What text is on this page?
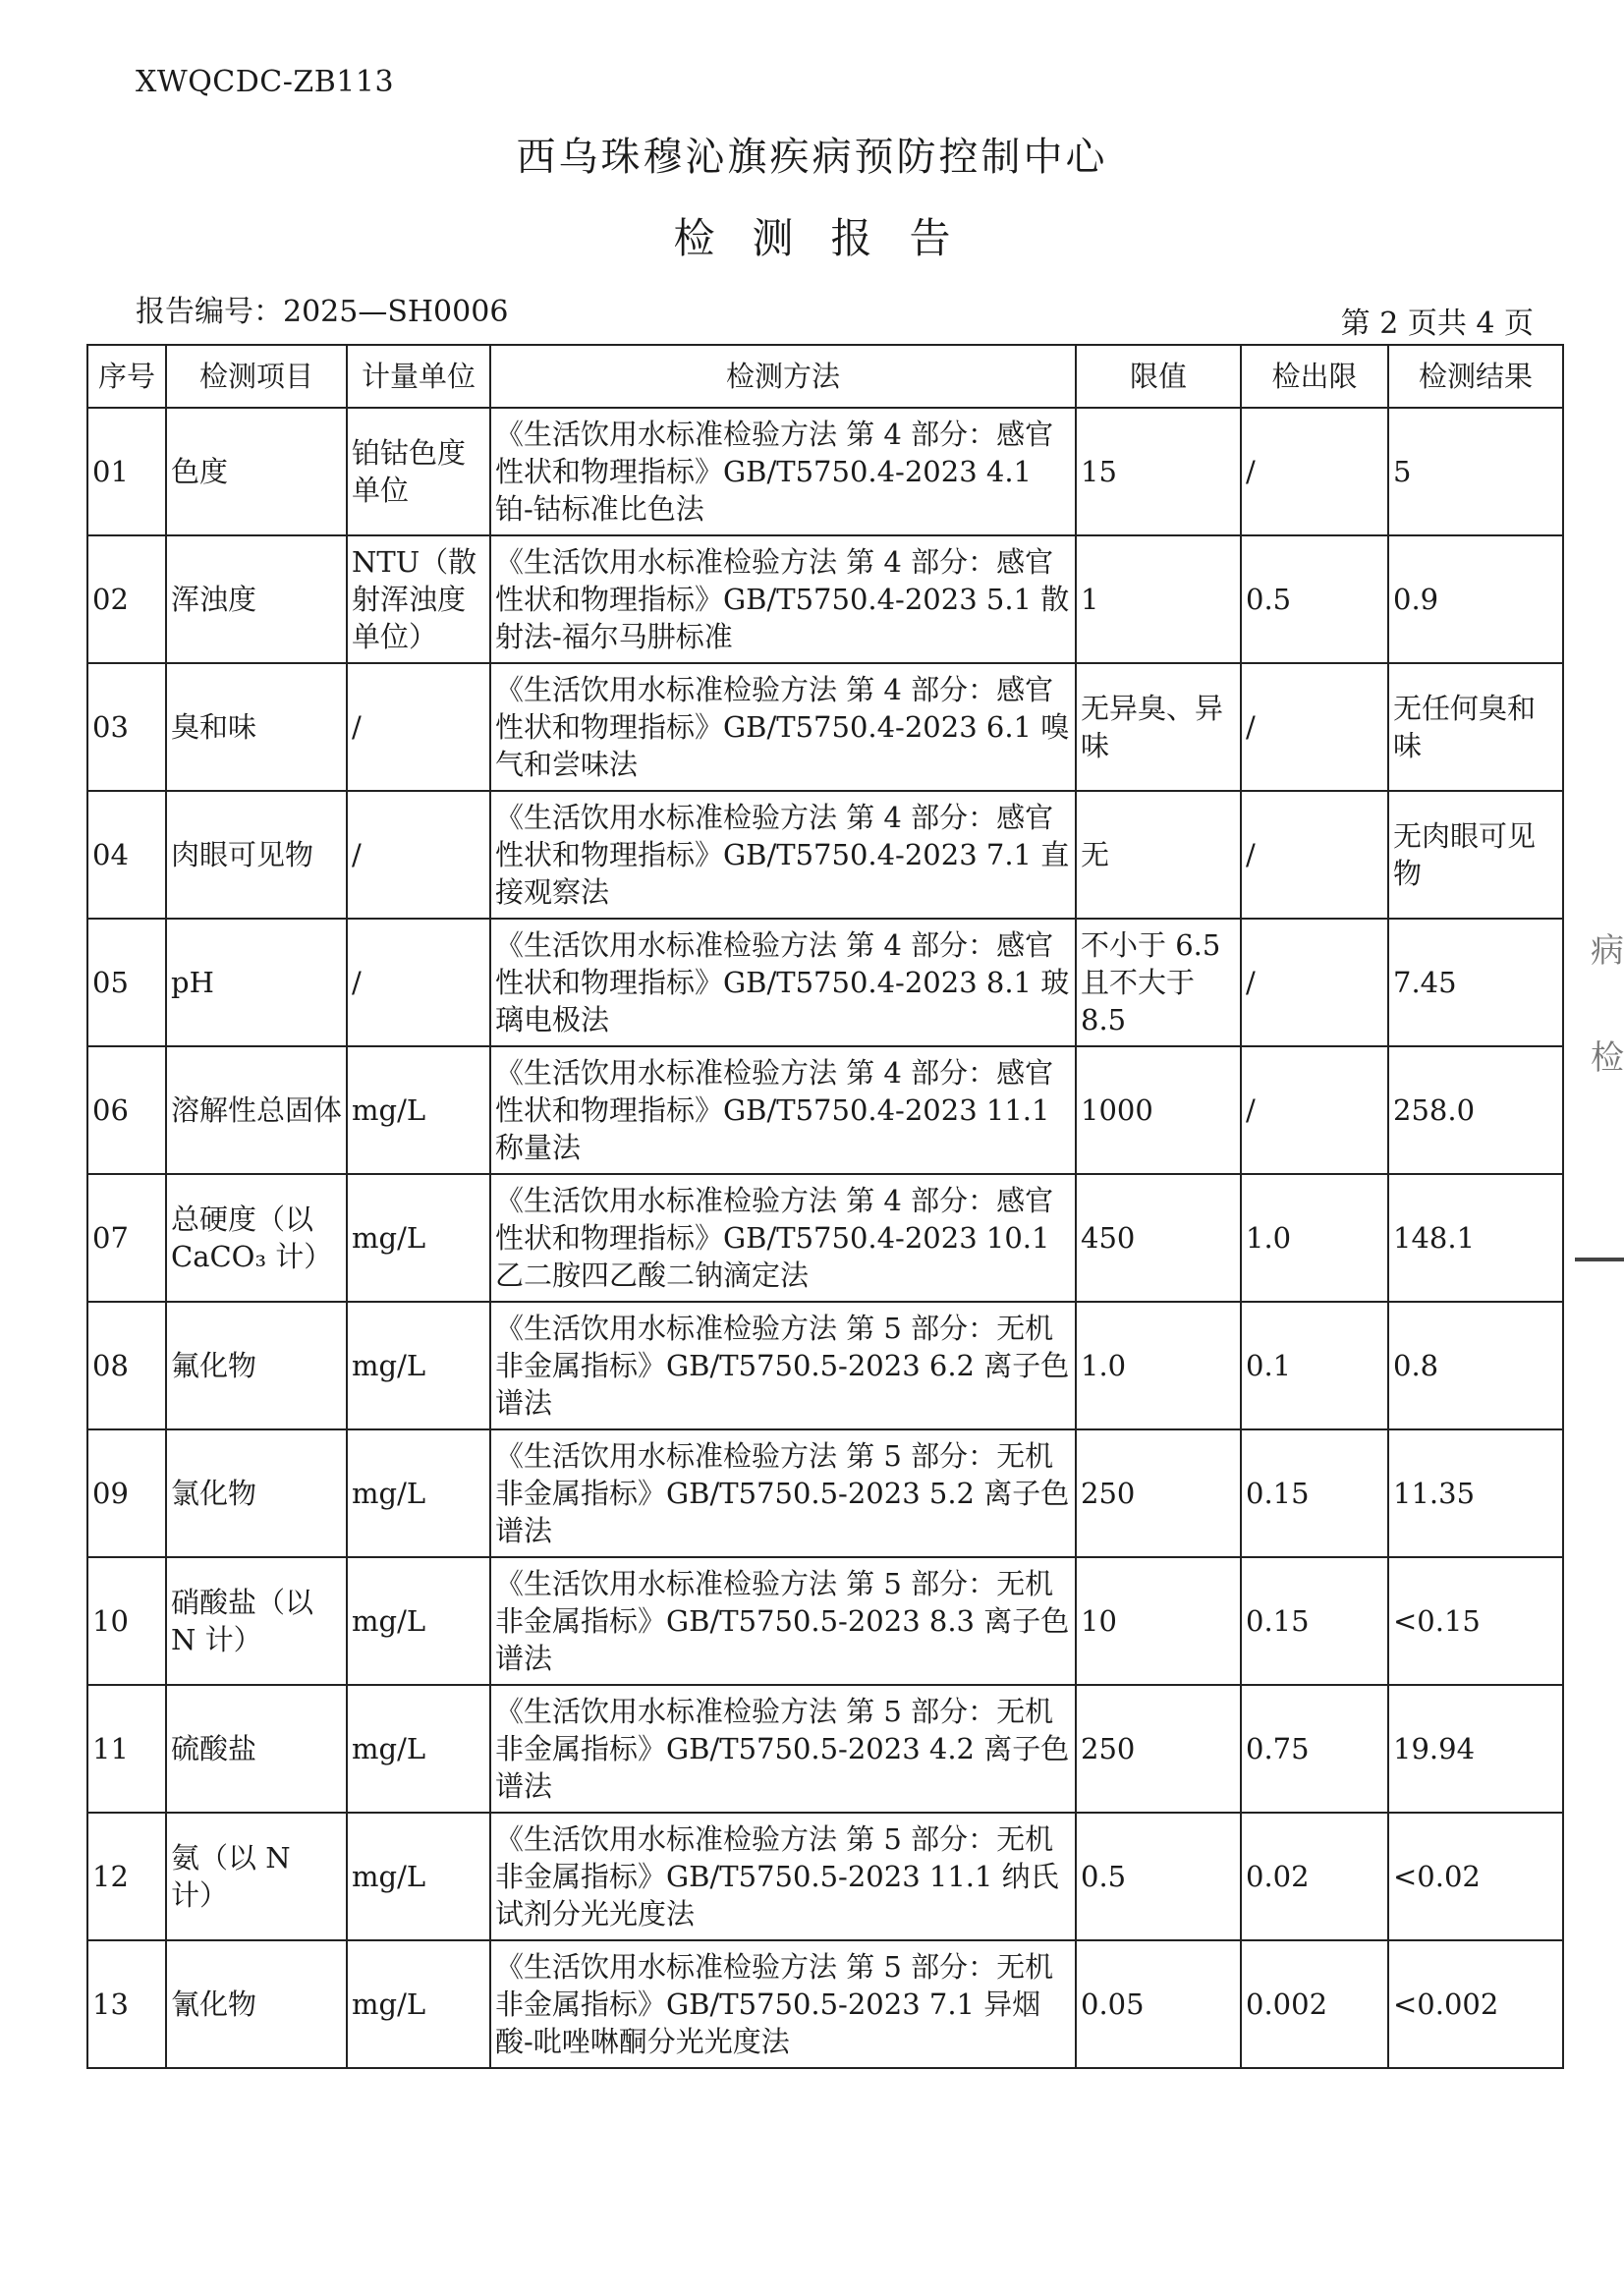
XWQCDC-ZB113
西乌珠穆沁旗疾病预防控制中心
检测报告
报告编号：2025—SH0006	第 2 页共 4 页
序号	检测项目	计量单位	检测方法	限值	检出限	检测结果
01	色度	铂钴色度单位	《生活饮用水标准检验方法 第 4 部分：感官性状和物理指标》GB/T5750.4-2023 4.1 铂-钴标准比色法	15	/	5
02	浑浊度	NTU（散射浑浊度单位）	《生活饮用水标准检验方法 第 4 部分：感官性状和物理指标》GB/T5750.4-2023 5.1 散射法-福尔马肼标准	1	0.5	0.9
03	臭和味	/	《生活饮用水标准检验方法 第 4 部分：感官性状和物理指标》GB/T5750.4-2023 6.1 嗅气和尝味法	无异臭、异味	/	无任何臭和味
04	肉眼可见物	/	《生活饮用水标准检验方法 第 4 部分：感官性状和物理指标》GB/T5750.4-2023 7.1 直接观察法	无	/	无肉眼可见物
05	pH	/	《生活饮用水标准检验方法 第 4 部分：感官性状和物理指标》GB/T5750.4-2023 8.1 玻璃电极法	不小于 6.5 且不大于 8.5	/	7.45
06	溶解性总固体	mg/L	《生活饮用水标准检验方法 第 4 部分：感官性状和物理指标》GB/T5750.4-2023 11.1 称量法	1000	/	258.0
07	总硬度（以 CaCO₃ 计）	mg/L	《生活饮用水标准检验方法 第 4 部分：感官性状和物理指标》GB/T5750.4-2023 10.1 乙二胺四乙酸二钠滴定法	450	1.0	148.1
08	氟化物	mg/L	《生活饮用水标准检验方法 第 5 部分：无机非金属指标》GB/T5750.5-2023 6.2 离子色谱法	1.0	0.1	0.8
09	氯化物	mg/L	《生活饮用水标准检验方法 第 5 部分：无机非金属指标》GB/T5750.5-2023 5.2 离子色谱法	250	0.15	11.35
10	硝酸盐（以 N 计）	mg/L	《生活饮用水标准检验方法 第 5 部分：无机非金属指标》GB/T5750.5-2023 8.3 离子色谱法	10	0.15	<0.15
11	硫酸盐	mg/L	《生活饮用水标准检验方法 第 5 部分：无机非金属指标》GB/T5750.5-2023 4.2 离子色谱法	250	0.75	19.94
12	氨（以 N 计）	mg/L	《生活饮用水标准检验方法 第 5 部分：无机非金属指标》GB/T5750.5-2023 11.1 纳氏试剂分光光度法	0.5	0.02	<0.02
13	氰化物	mg/L	《生活饮用水标准检验方法 第 5 部分：无机非金属指标》GB/T5750.5-2023 7.1 异烟酸-吡唑啉酮分光光度法	0.05	0.002	<0.002
病
检
